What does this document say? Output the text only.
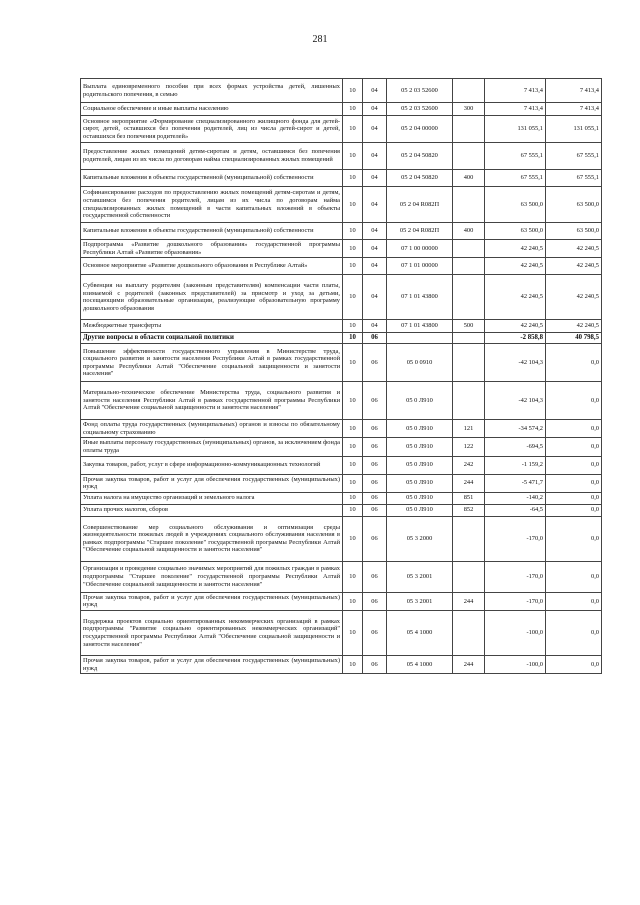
281
Выплата единовременного пособия при всех формах устройства детей, лишенных родительского попечения, в семью	10	04	05 2 03 52600		7 413,4	7 413,4
Социальное обеспечение и иные выплаты населению	10	04	05 2 03 52600	300	7 413,4	7 413,4
Основное мероприятие «Формирование специализированного жилищного фонда для детей-сирот, детей, оставшихся без попечения родителей, лиц из числа детей-сирот и детей, оставшихся без попечения родителей»	10	04	05 2 04 00000		131 055,1	131 055,1
Предоставление жилых помещений детям-сиротам и детям, оставшимся без попечения родителей, лицам из их числа по договорам найма специализированных жилых помещений	10	04	05 2 04 50820		67 555,1	67 555,1
Капитальные вложения в объекты государственной (муниципальной) собственности	10	04	05 2 04 50820	400	67 555,1	67 555,1
Софинансирование расходов по предоставлению жилых помещений детям-сиротам и детям, оставшимся без попечения родителей, лицам из их числа по договорам найма специализированных жилых помещений в части капитальных вложений в объекты государственной собственности	10	04	05 2 04 R082П		63 500,0	63 500,0
Капитальные вложения в объекты государственной (муниципальной) собственности	10	04	05 2 04 R082П	400	63 500,0	63 500,0
Подпрограмма «Развитие дошкольного образования» государственной программы Республики Алтай «Развитие образования»	10	04	07 1 00 00000		42 240,5	42 240,5
Основное мероприятие «Развитие дошкольного образования в Республике Алтай»	10	04	07 1 01 00000		42 240,5	42 240,5
Субвенция на выплату родителям (законным представителям) компенсации части платы, взимаемой с родителей (законных представителей) за присмотр и уход за детьми, посещающими образовательные организации, реализующие образовательную программу дошкольного образования	10	04	07 1 01 43800		42 240,5	42 240,5
Межбюджетные трансферты	10	04	07 1 01 43800	500	42 240,5	42 240,5
Другие вопросы в области социальной политики	10	06			-2 858,8	40 798,5
Повышение эффективности государственного управления в Министерстве труда, социального развития и занятости населения Республики Алтай в рамках государственной программы Республики Алтай "Обеспечение социальной защищенности и занятости населения"	10	06	05 0 0910		-42 104,3	0,0
Материально-техническое обеспечение Министерства труда, социального развития и занятости населения Республики Алтай в рамках государственной программы Республики Алтай "Обеспечение социальной защищенности и занятости населения"	10	06	05 0 Л910		-42 104,3	0,0
Фонд оплаты труда государственных (муниципальных) органов и взносы по обязательному социальному страхованию	10	06	05 0 Л910	121	-34 574,2	0,0
Иные выплаты персоналу государственных (муниципальных) органов, за исключением фонда оплаты труда	10	06	05 0 Л910	122	-694,5	0,0
Закупка товаров, работ, услуг в сфере информационно-коммуникационных технологий	10	06	05 0 Л910	242	-1 159,2	0,0
Прочая закупка товаров, работ и услуг для обеспечения государственных (муниципальных) нужд	10	06	05 0 Л910	244	-5 471,7	0,0
Уплата налога на имущество организаций и земельного налога	10	06	05 0 Л910	851	-140,2	0,0
Уплата прочих налогов, сборов	10	06	05 0 Л910	852	-64,5	0,0
Совершенствование мер социального обслуживания и оптимизация среды жизнедеятельности пожилых людей в учреждениях социального обслуживания населения в рамках подпрограммы "Старшее поколение" государственной программы Республики Алтай "Обеспечение социальной защищенности и занятости населения"	10	06	05 3 2000		-170,0	0,0
Организация и проведение социально значимых мероприятий для пожилых граждан в рамках подпрограммы "Старшее поколение" государственной программы Республики Алтай "Обеспечение социальной защищенности и занятости населения"	10	06	05 3 2001		-170,0	0,0
Прочая закупка товаров, работ и услуг для обеспечения государственных (муниципальных) нужд	10	06	05 3 2001	244	-170,0	0,0
Поддержка проектов социально ориентированных некоммерческих организаций в рамках подпрограммы "Развитие социально ориентированных некоммерческих организаций" государственной программы Республики Алтай "Обеспечение социальной защищенности и занятости населения"	10	06	05 4 1000		-100,0	0,0
Прочая закупка товаров, работ и услуг для обеспечения государственных (муниципальных) нужд	10	06	05 4 1000	244	-100,0	0,0
